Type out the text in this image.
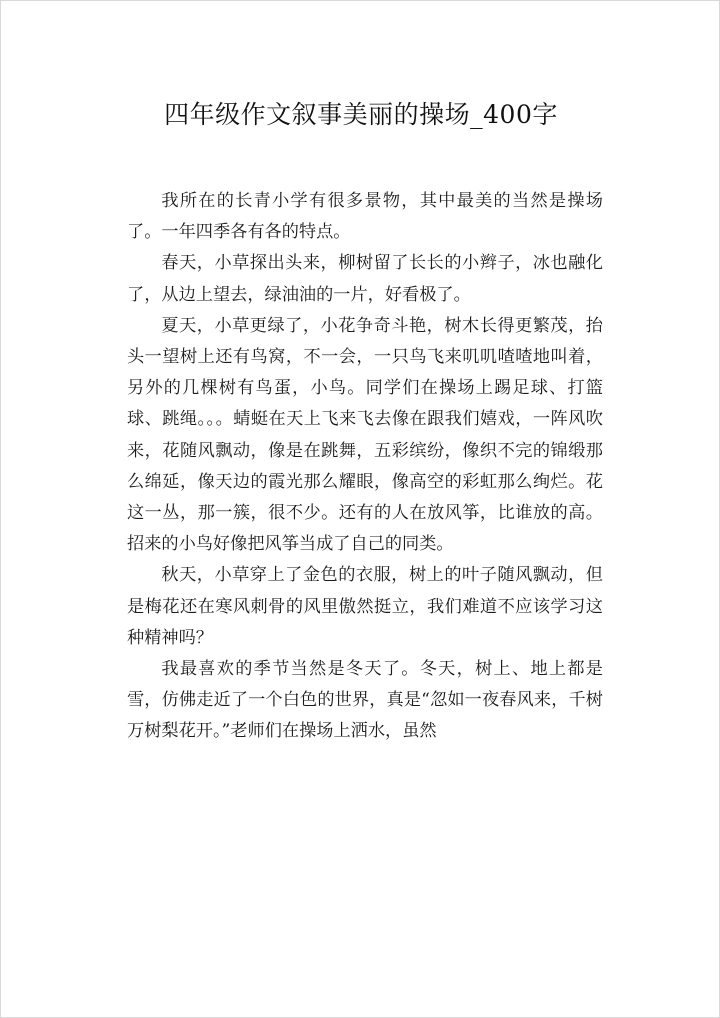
四年级作文叙事美丽的操场_400字

我所在的长青小学有很多景物，其中最美的当然是操场了。一年四季各有各的特点。

春天，小草探出头来，柳树留了长长的小辫子，冰也融化了，从边上望去，绿油油的一片，好看极了。

夏天，小草更绿了，小花争奇斗艳，树木长得更繁茂，抬头一望树上还有鸟窝，不一会，一只鸟飞来叽叽喳喳地叫着，另外的几棵树有鸟蛋，小鸟。同学们在操场上踢足球、打篮球、跳绳。。。蜻蜓在天上飞来飞去像在跟我们嬉戏，一阵风吹来，花随风飘动，像是在跳舞，五彩缤纷，像织不完的锦缎那么绵延，像天边的霞光那么耀眼，像高空的彩虹那么绚烂。花这一丛，那一簇，很不少。还有的人在放风筝，比谁放的高。招来的小鸟好像把风筝当成了自己的同类。

秋天，小草穿上了金色的衣服，树上的叶子随风飘动，但是梅花还在寒风刺骨的风里傲然挺立，我们难道不应该学习这种精神吗？

我最喜欢的季节当然是冬天了。冬天，树上、地上都是雪，仿佛走近了一个白色的世界，真是“忽如一夜春风来，千树万树梨花开。”老师们在操场上洒水，虽然
